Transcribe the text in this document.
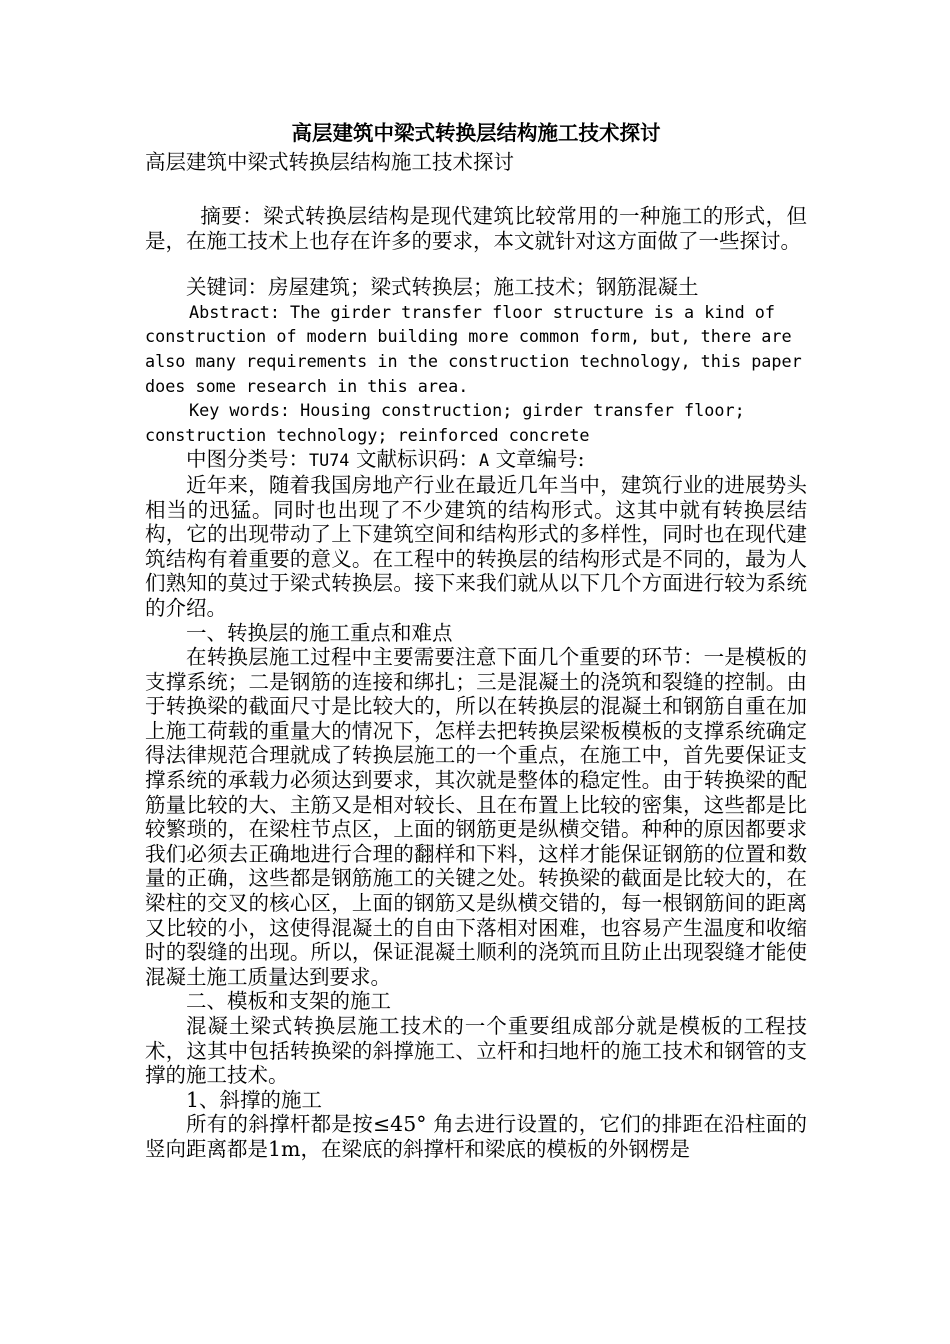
高层建筑中梁式转换层结构施工技术探讨

高层建筑中梁式转换层结构施工技术探讨

摘要：梁式转换层结构是现代建筑比较常用的一种施工的形式，但是，在施工技术上也存在许多的要求，本文就针对这方面做了一些探讨。

关键词：房屋建筑；梁式转换层；施工技术；钢筋混凝土

Abstract: The girder transfer floor structure is a kind of construction of modern building more common form, but, there are also many requirements in the construction technology, this paper does some research in this area.

Key words: Housing construction; girder transfer floor; construction technology; reinforced concrete

中图分类号：TU74 文献标识码：A 文章编号:

近年来，随着我国房地产行业在最近几年当中，建筑行业的进展势头相当的迅猛。同时也出现了不少建筑的结构形式。这其中就有转换层结构，它的出现带动了上下建筑空间和结构形式的多样性，同时也在现代建筑结构有着重要的意义。在工程中的转换层的结构形式是不同的，最为人们熟知的莫过于梁式转换层。接下来我们就从以下几个方面进行较为系统的介绍。

一、转换层的施工重点和难点

在转换层施工过程中主要需要注意下面几个重要的环节：一是模板的支撑系统；二是钢筋的连接和绑扎；三是混凝土的浇筑和裂缝的控制。由于转换梁的截面尺寸是比较大的，所以在转换层的混凝土和钢筋自重在加上施工荷载的重量大的情况下，怎样去把转换层梁板模板的支撑系统确定得法律规范合理就成了转换层施工的一个重点，在施工中，首先要保证支撑系统的承载力必须达到要求，其次就是整体的稳定性。由于转换梁的配筋量比较的大、主筋又是相对较长、且在布置上比较的密集，这些都是比较繁琐的，在梁柱节点区，上面的钢筋更是纵横交错。种种的原因都要求我们必须去正确地进行合理的翻样和下料，这样才能保证钢筋的位置和数量的正确，这些都是钢筋施工的关键之处。转换梁的截面是比较大的，在梁柱的交叉的核心区，上面的钢筋又是纵横交错的，每一根钢筋间的距离又比较的小，这使得混凝土的自由下落相对困难，也容易产生温度和收缩时的裂缝的出现。所以，保证混凝土顺利的浇筑而且防止出现裂缝才能使混凝土施工质量达到要求。

二、模板和支架的施工

混凝土梁式转换层施工技术的一个重要组成部分就是模板的工程技术，这其中包括转换梁的斜撑施工、立杆和扫地杆的施工技术和钢管的支撑的施工技术。

1、斜撑的施工

所有的斜撑杆都是按≤45° 角去进行设置的，它们的排距在沿柱面的竖向距离都是1m，在梁底的斜撑杆和梁底的模板的外钢楞是
